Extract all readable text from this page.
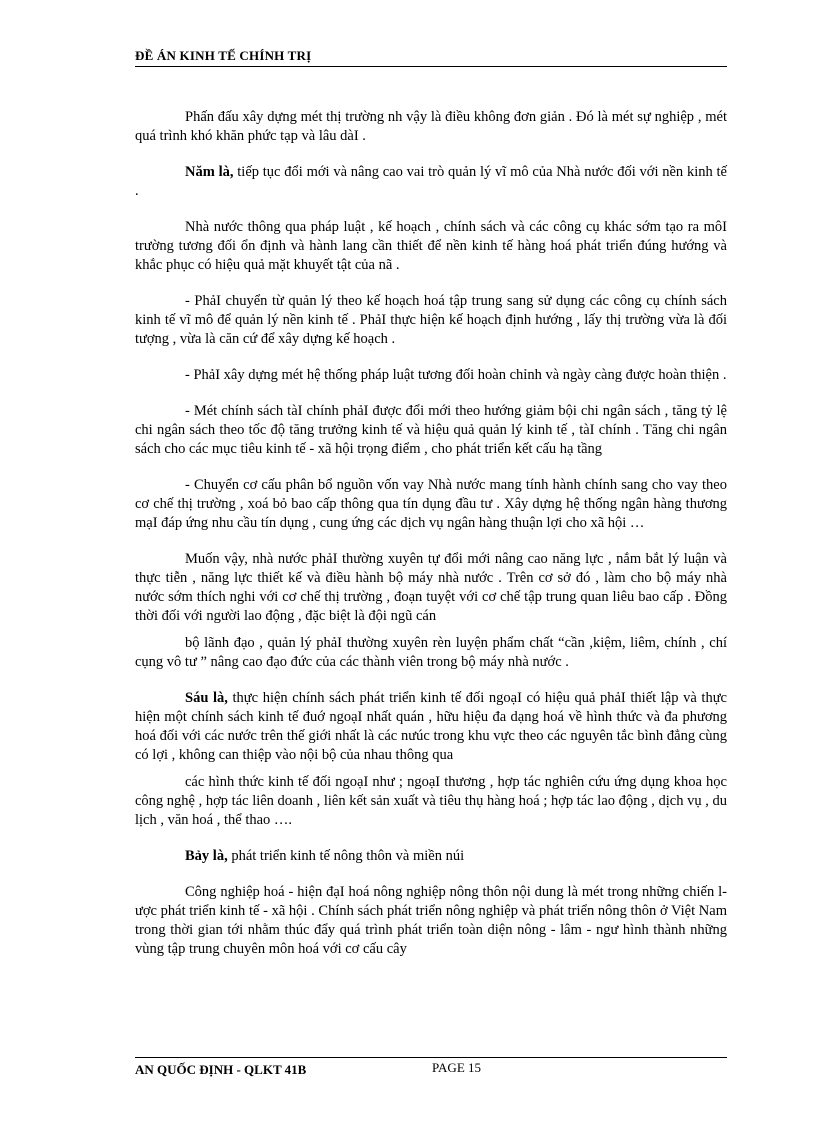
ĐỀ ÁN KINH TẾ CHÍNH TRỊ

Phấn đấu xây dựng mét thị trường nh vậy là điều không đơn giản . Đó là mét sự nghiệp , mét quá trình khó khăn phức tạp và lâu dàI .

Năm là, tiếp tục đổi mới và nâng cao vai trò quản lý vĩ mô của Nhà nước đối với nền kinh tế .

Nhà nước thông qua pháp luật , kế hoạch , chính sách và các công cụ khác sớm tạo ra môI trường tương đối ổn định và hành lang cần thiết để nền kinh tế hàng hoá phát triển đúng hướng và khắc phục có hiệu quả mặt khuyết tật của nã .

- PhảI chuyển từ quản lý theo kế hoạch hoá tập trung sang sử dụng các công cụ chính sách kinh tế vĩ mô để quản lý nền kinh tế . PhảI thực hiện kế hoạch định hướng , lấy thị trường vừa là đối tượng , vừa là căn cứ để xây dựng kế hoạch .

- PhảI xây dựng mét hệ thống pháp luật tương đối hoàn chỉnh và ngày càng được hoàn thiện .

- Mét chính sách tàI chính phảI được đổi mới theo hướng giảm bội chi ngân sách , tăng tỷ lệ chi ngân sách theo tốc độ tăng trưởng kinh tế và hiệu quả quản lý kinh tế , tàI chính . Tăng chi ngân sách cho các mục tiêu kinh tế - xã hội trọng điểm , cho phát triển kết cấu hạ tầng

- Chuyển cơ cấu phân bổ nguồn vốn vay Nhà nước mang tính hành chính sang cho vay theo cơ chế thị trường , xoá bỏ bao cấp thông qua tín dụng đầu tư . Xây dựng hệ thống ngân hàng thương mạI đáp ứng nhu cầu tín dụng , cung ứng các dịch vụ ngân hàng thuận lợi cho xã hội …

Muốn vậy, nhà nước phảI thường xuyên tự đổi mới nâng cao năng lực , nắm bắt lý luận và thực tiễn , năng lực thiết kế và điều hành bộ máy nhà nước . Trên cơ sở đó , làm cho bộ máy nhà nước sớm thích nghi với cơ chế thị trường , đoạn tuyệt với cơ chế tập trung quan liêu bao cấp . Đồng thời đối với người lao động , đặc biệt là đội ngũ cán

bộ lãnh đạo , quản lý phảI thường xuyên rèn luyện phẩm chất “cần ,kiệm, liêm, chính , chí cụng vô tư ” nâng cao đạo đức của các thành viên trong bộ máy nhà nước .

Sáu là, thực hiện chính sách phát triển kinh tế đối ngoạI có hiệu quả phảI thiết lập và thực hiện một chính sách kinh tế đuớ ngoạI nhất quán , hữu hiệu đa dạng hoá về hình thức và đa phương hoá đối với các nước trên thế giới nhất là các nưúc trong khu vực theo các nguyên tắc bình đẳng cùng có lợi , không can thiệp vào nội bộ của nhau thông qua

các hình thức kinh tế đối ngoạI như ; ngoạI thương , hợp tác nghiên cứu ứng dụng khoa học công nghệ , hợp tác liên doanh , liên kết sản xuất và tiêu thụ hàng hoá ; hợp tác lao động , dịch vụ , du lịch , văn hoá , thể thao ….

Bảy là, phát triển kinh tế nông thôn và miền núi

Công nghiệp hoá - hiện đạI hoá nông nghiệp nông thôn nội dung là mét trong những chiến lược phát triển kinh tế - xã hội . Chính sách phát triển nông nghiệp và phát triển nông thôn ở Việt Nam trong thời gian tới nhằm thúc đẩy quá trình phát triển toàn diện nông - lâm - ngư hình thành những vùng tập trung chuyên môn hoá với cơ cấu cây

AN QUỐC ĐỊNH - QLKT 41B	PAGE 15
